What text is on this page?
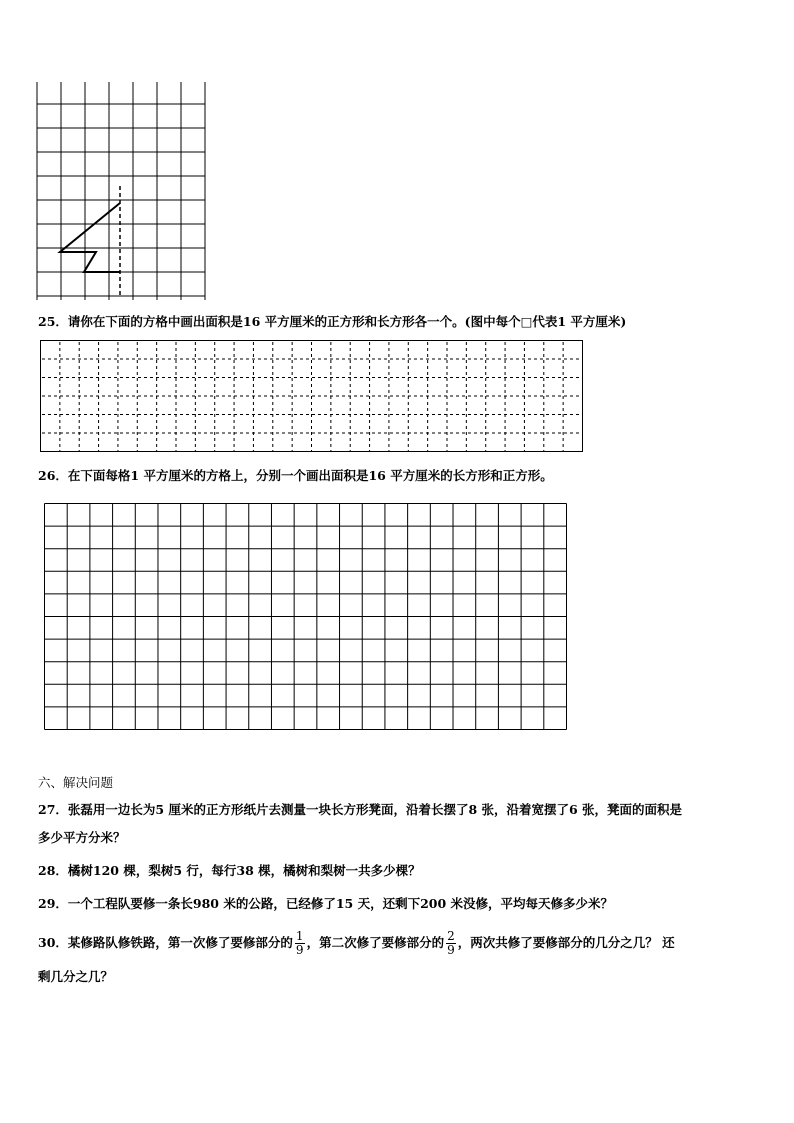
25．请你在下面的方格中画出面积是16 平方厘米的正方形和长方形各一个。(图中每个□代表1 平方厘米)
26．在下面每格1 平方厘米的方格上，分别一个画出面积是16 平方厘米的长方形和正方形。
六、解决问题
27．张磊用一边长为5 厘米的正方形纸片去测量一块长方形凳面，沿着长摆了8 张，沿着宽摆了6 张，凳面的面积是
多少平方分米？
28．橘树120 棵，梨树5 行，每行38 棵，橘树和梨树一共多少棵？
29．一个工程队要修一条长980 米的公路，已经修了15 天，还剩下200 米没修，平均每天修多少米？
30．某修路队修铁路，第一次修了要修部分的 $\frac{1}{9}$ ，第二次修了要修部分的 $\frac{2}{9}$ ，两次共修了要修部分的几分之几？ 还
剩几分之几？
